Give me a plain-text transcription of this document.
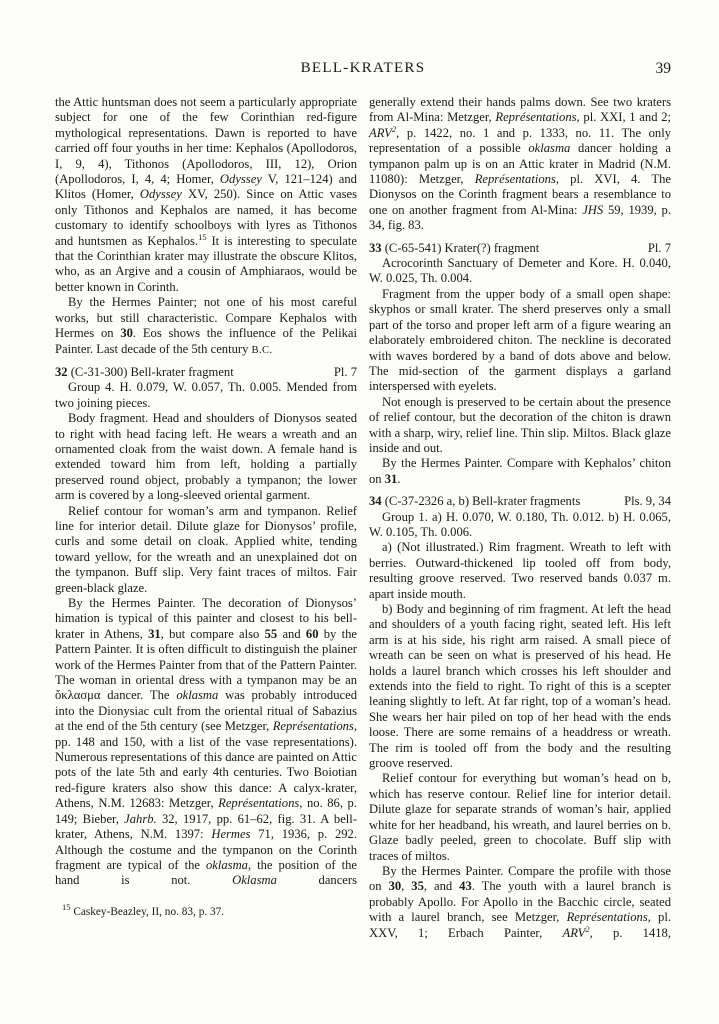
BELL-KRATERS	39

the Attic huntsman does not seem a particularly appropriate subject for one of the few Corinthian red-figure mythological representations. Dawn is reported to have carried off four youths in her time: Kephalos (Apollodoros, I, 9, 4), Tithonos (Apollodoros, III, 12), Orion (Apollodoros, I, 4, 4; Homer, Odyssey V, 121–124) and Klitos (Homer, Odyssey XV, 250). Since on Attic vases only Tithonos and Kephalos are named, it has become customary to identify schoolboys with lyres as Tithonos and huntsmen as Kephalos.$^{15}$ It is interesting to speculate that the Corinthian krater may illustrate the obscure Klitos, who, as an Argive and a cousin of Amphiaraos, would be better known in Corinth.

By the Hermes Painter; not one of his most careful works, but still characteristic. Compare Kephalos with Hermes on 30. Eos shows the influence of the Pelikai Painter. Last decade of the 5th century B.C.

32 (C-31-300) Bell-krater fragment	Pl. 7

Group 4. H. 0.079, W. 0.057, Th. 0.005. Mended from two joining pieces.

Body fragment. Head and shoulders of Dionysos seated to right with head facing left. He wears a wreath and an ornamented cloak from the waist down. A female hand is extended toward him from left, holding a partially preserved round object, probably a tympanon; the lower arm is covered by a long-sleeved oriental garment.

Relief contour for woman’s arm and tympanon. Relief line for interior detail. Dilute glaze for Dionysos’ profile, curls and some detail on cloak. Applied white, tending toward yellow, for the wreath and an unexplained dot on the tympanon. Buff slip. Very faint traces of miltos. Fair green-black glaze.

By the Hermes Painter. The decoration of Dionysos’ himation is typical of this painter and closest to his bell-krater in Athens, 31, but compare also 55 and 60 by the Pattern Painter. It is often difficult to distinguish the plainer work of the Hermes Painter from that of the Pattern Painter. The woman in oriental dress with a tympanon may be an ὄκλασμα dancer. The oklasma was probably introduced into the Dionysiac cult from the oriental ritual of Sabazius at the end of the 5th century (see Metzger, Représentations, pp. 148 and 150, with a list of the vase representations). Numerous representations of this dance are painted on Attic pots of the late 5th and early 4th centuries. Two Boiotian red-figure kraters also show this dance: A calyx-krater, Athens, N.M. 12683: Metzger, Représentations, no. 86, p. 149; Bieber, Jahrb. 32, 1917, pp. 61–62, fig. 31. A bell-krater, Athens, N.M. 1397: Hermes 71, 1936, p. 292. Although the costume and the tympanon on the Corinth fragment are typical of the oklasma, the position of the hand is not. Oklasma dancers

$^{15}$ Caskey-Beazley, II, no. 83, p. 37.

generally extend their hands palms down. See two kraters from Al-Mina: Metzger, Représentations, pl. XXI, 1 and 2; ARV$^2$, p. 1422, no. 1 and p. 1333, no. 11. The only representation of a possible oklasma dancer holding a tympanon palm up is on an Attic krater in Madrid (N.M. 11080): Metzger, Représentations, pl. XVI, 4. The Dionysos on the Corinth fragment bears a resemblance to one on another fragment from Al-Mina: JHS 59, 1939, p. 34, fig. 83.

33 (C-65-541) Krater(?) fragment	Pl. 7

Acrocorinth Sanctuary of Demeter and Kore. H. 0.040, W. 0.025, Th. 0.004.

Fragment from the upper body of a small open shape: skyphos or small krater. The sherd preserves only a small part of the torso and proper left arm of a figure wearing an elaborately embroidered chiton. The neckline is decorated with waves bordered by a band of dots above and below. The mid-section of the garment displays a garland interspersed with eyelets.

Not enough is preserved to be certain about the presence of relief contour, but the decoration of the chiton is drawn with a sharp, wiry, relief line. Thin slip. Miltos. Black glaze inside and out.

By the Hermes Painter. Compare with Kephalos’ chiton on 31.

34 (C-37-2326 a, b) Bell-krater fragments	Pls. 9, 34

Group 1. a) H. 0.070, W. 0.180, Th. 0.012. b) H. 0.065, W. 0.105, Th. 0.006.

a) (Not illustrated.) Rim fragment. Wreath to left with berries. Outward-thickened lip tooled off from body, resulting groove reserved. Two reserved bands 0.037 m. apart inside mouth.

b) Body and beginning of rim fragment. At left the head and shoulders of a youth facing right, seated left. His left arm is at his side, his right arm raised. A small piece of wreath can be seen on what is preserved of his head. He holds a laurel branch which crosses his left shoulder and extends into the field to right. To right of this is a scepter leaning slightly to left. At far right, top of a woman’s head. She wears her hair piled on top of her head with the ends loose. There are some remains of a headdress or wreath. The rim is tooled off from the body and the resulting groove reserved.

Relief contour for everything but woman’s head on b, which has reserve contour. Relief line for interior detail. Dilute glaze for separate strands of woman’s hair, applied white for her headband, his wreath, and laurel berries on b. Glaze badly peeled, green to chocolate. Buff slip with traces of miltos.

By the Hermes Painter. Compare the profile with those on 30, 35, and 43. The youth with a laurel branch is probably Apollo. For Apollo in the Bacchic circle, seated with a laurel branch, see Metzger, Représentations, pl. XXV, 1; Erbach Painter, ARV$^2$, p. 1418,
